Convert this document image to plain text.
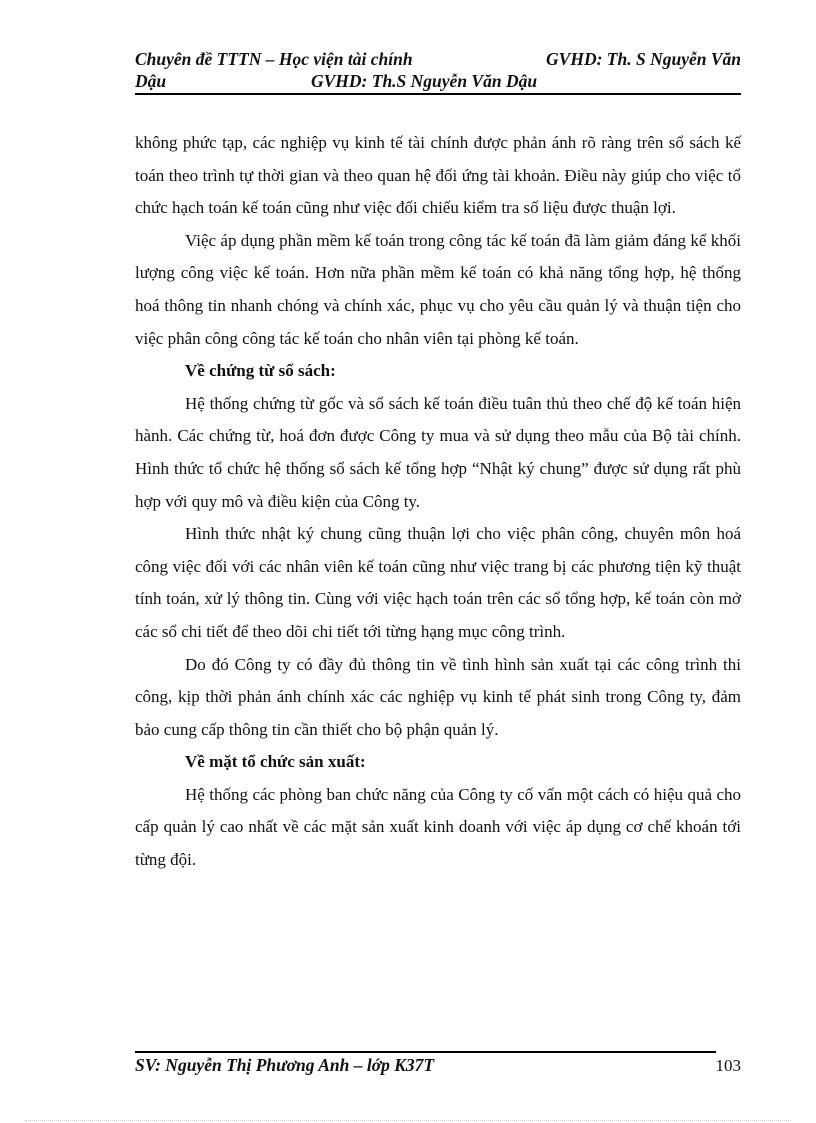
Chuyên đề TTTN – Học viện tài chính	GVHD: Th. S Nguyễn Văn
Dậu	GVHD: Th.S Nguyễn Văn Dậu

không phức tạp, các nghiệp vụ kinh tế tài chính được phản ánh rõ ràng trên sổ sách kế toán theo trình tự thời gian và theo quan hệ đối ứng tài khoản. Điều này giúp cho việc tổ chức hạch toán kế toán cũng như việc đối chiếu kiểm tra số liệu được thuận lợi.

Việc áp dụng phần mềm kế toán trong công tác kế toán đã làm giảm đáng kể khối lượng công việc kế toán. Hơn nữa phần mềm kế toán có khả năng tổng hợp, hệ thống hoá thông tin nhanh chóng và chính xác, phục vụ cho yêu cầu quản lý và thuận tiện cho việc phân công công tác kế toán cho nhân viên tại phòng kế toán.

Về chứng từ sổ sách:

Hệ thống chứng từ gốc và sổ sách kế toán điều tuân thủ theo chế độ kế toán hiện hành. Các chứng từ, hoá đơn được Công ty mua và sử dụng theo mẫu của Bộ tài chính. Hình thức tổ chức hệ thống sổ sách kế tổng hợp “Nhật ký chung” được sử dụng rất phù hợp với quy mô và điều kiện của Công ty.

Hình thức nhật ký chung cũng thuận lợi cho việc phân công, chuyên môn hoá công việc đối với các nhân viên kế toán cũng như việc trang bị các phương tiện kỹ thuật tính toán, xử lý thông tin. Cùng với việc hạch toán trên các sổ tổng hợp, kế toán còn mở các sổ chi tiết để theo dõi chi tiết tới từng hạng mục công trình.

Do đó Công ty có đầy đủ thông tin về tình hình sản xuất tại các công trình thi công, kịp thời phản ánh chính xác các nghiệp vụ kinh tế phát sinh trong Công ty, đảm bảo cung cấp thông tin cần thiết cho bộ phận quản lý.

Về mặt tổ chức sản xuất:

Hệ thống các phòng ban chức năng của Công ty cố vấn một cách có hiệu quả cho cấp quản lý cao nhất về các mặt sản xuất kinh doanh với việc áp dụng cơ chế khoán tới từng đội.

SV: Nguyễn Thị Phương Anh – lớp K37T	103
